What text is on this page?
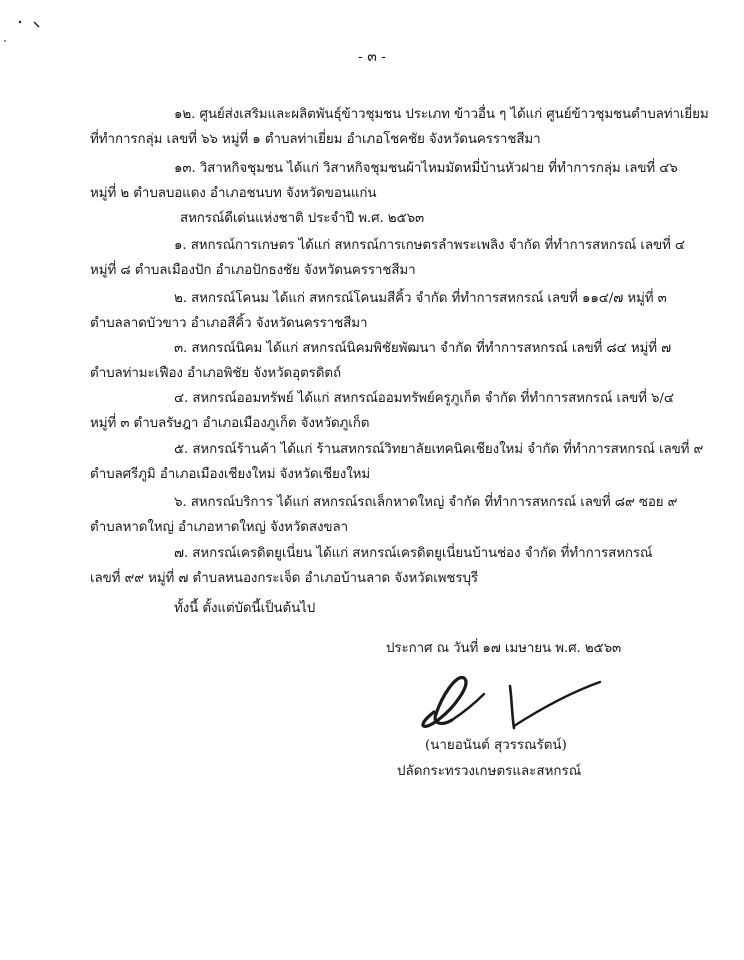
- ๓ -
๑๒. ศูนย์ส่งเสริมและผลิตพันธุ์ข้าวชุมชน ประเภท ข้าวอื่น ๆ ได้แก่ ศูนย์ข้าวชุมชนตำบลท่าเยี่ยม
ที่ทำการกลุ่ม เลขที่ ๖๖ หมู่ที่ ๑ ตำบลท่าเยี่ยม อำเภอโชคชัย จังหวัดนครราชสีมา
๑๓. วิสาหกิจชุมชน ได้แก่ วิสาหกิจชุมชนผ้าไหมมัดหมี่บ้านหัวฝาย ที่ทำการกลุ่ม เลขที่ ๔๖
หมู่ที่ ๒ ตำบลบอแดง อำเภอชนบท จังหวัดขอนแก่น
สหกรณ์ดีเด่นแห่งชาติ ประจำปี พ.ศ. ๒๕๖๓
๑. สหกรณ์การเกษตร ได้แก่ สหกรณ์การเกษตรลำพระเพลิง จำกัด ที่ทำการสหกรณ์ เลขที่ ๔
หมู่ที่ ๘ ตำบลเมืองปัก อำเภอปักธงชัย จังหวัดนครราชสีมา
๒. สหกรณ์โคนม ได้แก่ สหกรณ์โคนมสีคิ้ว จำกัด ที่ทำการสหกรณ์ เลขที่ ๑๑๔/๗ หมู่ที่ ๓
ตำบลลาดบัวขาว อำเภอสีคิ้ว จังหวัดนครราชสีมา
๓. สหกรณ์นิคม ได้แก่ สหกรณ์นิคมพิชัยพัฒนา จำกัด ที่ทำการสหกรณ์ เลขที่ ๘๔ หมู่ที่ ๗
ตำบลท่ามะเฟือง อำเภอพิชัย จังหวัดอุตรดิตถ์
๔. สหกรณ์ออมทรัพย์ ได้แก่ สหกรณ์ออมทรัพย์ครูภูเก็ต จำกัด ที่ทำการสหกรณ์ เลขที่ ๖/๔
หมู่ที่ ๓ ตำบลรัษฎา อำเภอเมืองภูเก็ต จังหวัดภูเก็ต
๕. สหกรณ์ร้านค้า ได้แก่ ร้านสหกรณ์วิทยาลัยเทคนิคเชียงใหม่ จำกัด ที่ทำการสหกรณ์ เลขที่ ๙
ตำบลศรีภูมิ อำเภอเมืองเชียงใหม่ จังหวัดเชียงใหม่
๖. สหกรณ์บริการ ได้แก่ สหกรณ์รถเล็กหาดใหญ่ จำกัด ที่ทำการสหกรณ์ เลขที่ ๘๙ ซอย ๙
ตำบลหาดใหญ่ อำเภอหาดใหญ่ จังหวัดสงขลา
๗. สหกรณ์เครดิตยูเนี่ยน ได้แก่ สหกรณ์เครดิตยูเนี่ยนบ้านช่อง จำกัด ที่ทำการสหกรณ์
เลขที่ ๙๙ หมู่ที่ ๗ ตำบลหนองกระเจ็ด อำเภอบ้านลาด จังหวัดเพชรบุรี
ทั้งนี้ ตั้งแต่บัดนี้เป็นต้นไป
ประกาศ ณ วันที่ ๑๗ เมษายน พ.ศ. ๒๕๖๓
(นายอนันต์ สุวรรณรัตน์)
ปลัดกระทรวงเกษตรและสหกรณ์
